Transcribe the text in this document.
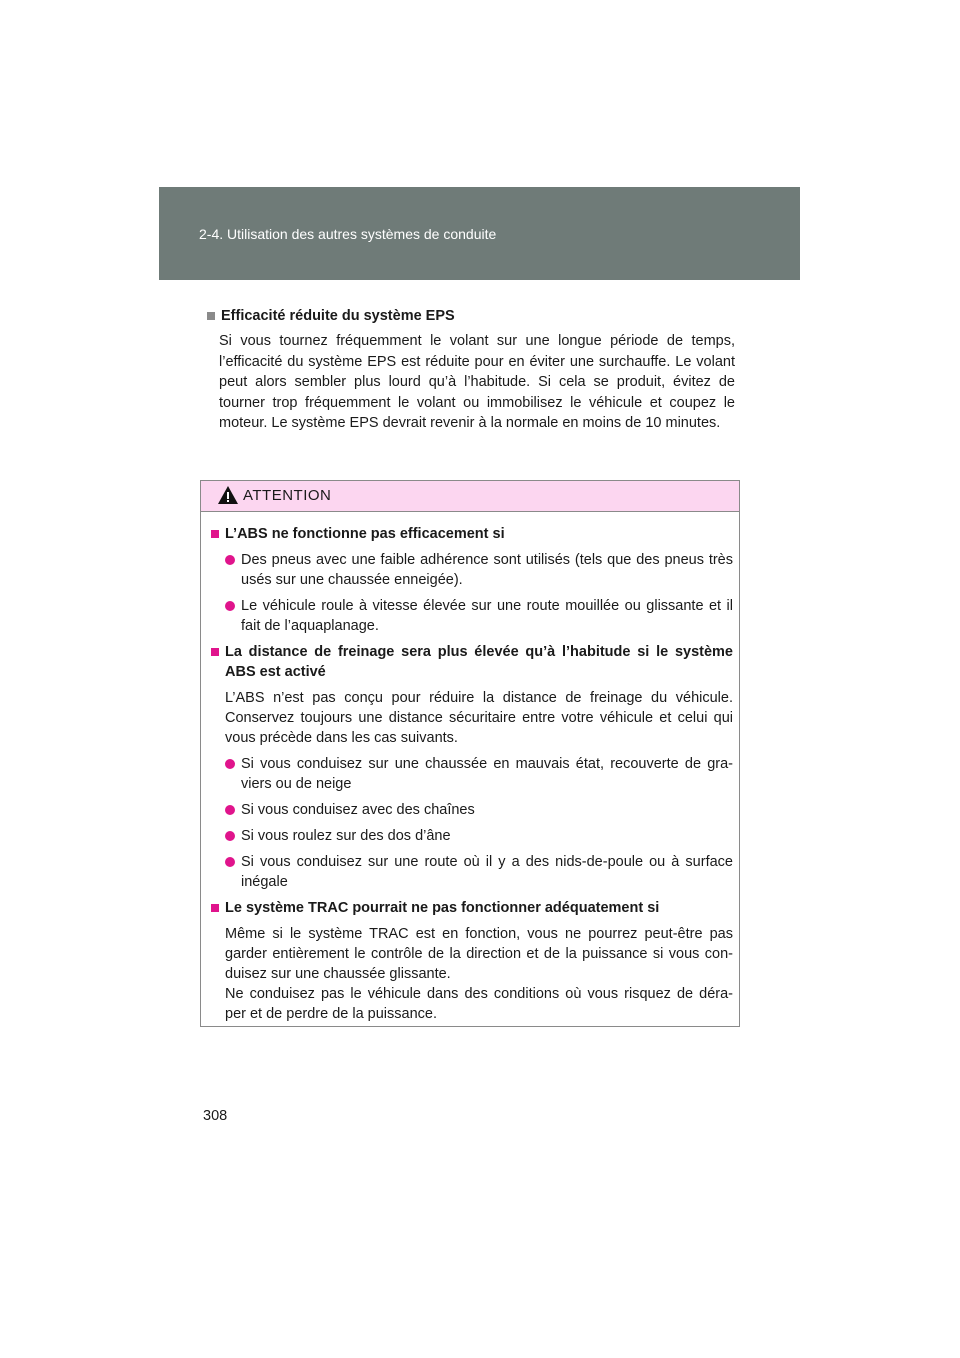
2-4. Utilisation des autres systèmes de conduite
Efficacité réduite du système EPS
Si vous tournez fréquemment le volant sur une longue période de temps, l’efficacité du système EPS est réduite pour en éviter une surchauffe. Le volant peut alors sembler plus lourd qu’à l’habitude. Si cela se produit, évitez de tourner trop fréquemment le volant ou immobilisez le véhicule et coupez le moteur. Le système EPS devrait revenir à la normale en moins de 10 minutes.
ATTENTION
L’ABS ne fonctionne pas efficacement si
Des pneus avec une faible adhérence sont utilisés (tels que des pneus très usés sur une chaussée enneigée).
Le véhicule roule à vitesse élevée sur une route mouillée ou glissante et il fait de l’aquaplanage.
La distance de freinage sera plus élevée qu’à l’habitude si le système ABS est activé
L’ABS n’est pas conçu pour réduire la distance de freinage du véhicule. Conservez toujours une distance sécuritaire entre votre véhicule et celui qui vous précède dans les cas suivants.
Si vous conduisez sur une chaussée en mauvais état, recouverte de gra- viers ou de neige
Si vous conduisez avec des chaînes
Si vous roulez sur des dos d’âne
Si vous conduisez sur une route où il y a des nids-de-poule ou à surface inégale
Le système TRAC pourrait ne pas fonctionner adéquatement si
Même si le système TRAC est en fonction, vous ne pourrez peut-être pas garder entièrement le contrôle de la direction et de la puissance si vous con- duisez sur une chaussée glissante.
Ne conduisez pas le véhicule dans des conditions où vous risquez de déra- per et de perdre de la puissance.
308
